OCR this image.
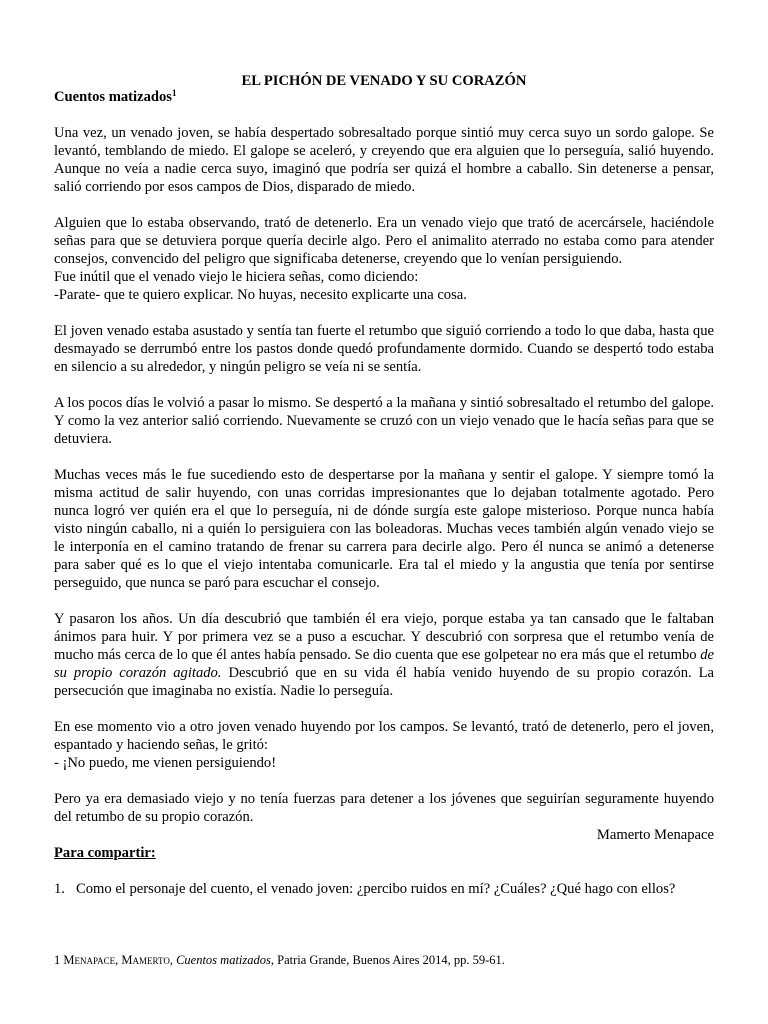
EL PICHÓN DE VENADO Y SU CORAZÓN
Cuentos matizados$^1$

Una vez, un venado joven, se había despertado sobresaltado porque sintió muy cerca suyo un sordo galope. Se levantó, temblando de miedo. El galope se aceleró, y creyendo que era alguien que lo perseguía, salió huyendo. Aunque no veía a nadie cerca suyo, imaginó que podría ser quizá el hombre a caballo. Sin detenerse a pensar, salió corriendo por esos campos de Dios, disparado de miedo.

Alguien que lo estaba observando, trató de detenerlo. Era un venado viejo que trató de acercársele, haciéndole señas para que se detuviera porque quería decirle algo. Pero el animalito aterrado no estaba como para atender consejos, convencido del peligro que significaba detenerse, creyendo que lo venían persiguiendo.

Fue inútil que el venado viejo le hiciera señas, como diciendo:

-Parate- que te quiero explicar. No huyas, necesito explicarte una cosa.

El joven venado estaba asustado y sentía tan fuerte el retumbo que siguió corriendo a todo lo que daba, hasta que desmayado se derrumbó entre los pastos donde quedó profundamente dormido. Cuando se despertó todo estaba en silencio a su alrededor, y ningún peligro se veía ni se sentía.

A los pocos días le volvió a pasar lo mismo. Se despertó a la mañana y sintió sobresaltado el retumbo del galope. Y como la vez anterior salió corriendo. Nuevamente se cruzó con un viejo venado que le hacía señas para que se detuviera.

Muchas veces más le fue sucediendo esto de despertarse por la mañana y sentir el galope. Y siempre tomó la misma actitud de salir huyendo, con unas corridas impresionantes que lo dejaban totalmente agotado. Pero nunca logró ver quién era el que lo perseguía, ni de dónde surgía este galope misterioso. Porque nunca había visto ningún caballo, ni a quién lo persiguiera con las boleadoras. Muchas veces también algún venado viejo se le interponía en el camino tratando de frenar su carrera para decirle algo. Pero él nunca se animó a detenerse para saber qué es lo que el viejo intentaba comunicarle. Era tal el miedo y la angustia que tenía por sentirse perseguido, que nunca se paró para escuchar el consejo.

Y pasaron los años. Un día descubrió que también él era viejo, porque estaba ya tan cansado que le faltaban ánimos para huir. Y por primera vez se a puso a escuchar. Y descubrió con sorpresa que el retumbo venía de mucho más cerca de lo que él antes había pensado. Se dio cuenta que ese golpetear no era más que el retumbo de su propio corazón agitado. Descubrió que en su vida él había venido huyendo de su propio corazón. La persecución que imaginaba no existía. Nadie lo perseguía.

En ese momento vio a otro joven venado huyendo por los campos. Se levantó, trató de detenerlo, pero el joven, espantado y haciendo señas, le gritó:

- ¡No puedo, me vienen persiguiendo!

Pero ya era demasiado viejo y no tenía fuerzas para detener a los jóvenes que seguirían seguramente huyendo del retumbo de su propio corazón.

Mamerto Menapace
Para compartir:
1. Como el personaje del cuento, el venado joven: ¿percibo ruidos en mí? ¿Cuáles? ¿Qué hago con ellos?
1 Menapace, Mamerto, Cuentos matizados, Patria Grande, Buenos Aires 2014, pp. 59-61.
